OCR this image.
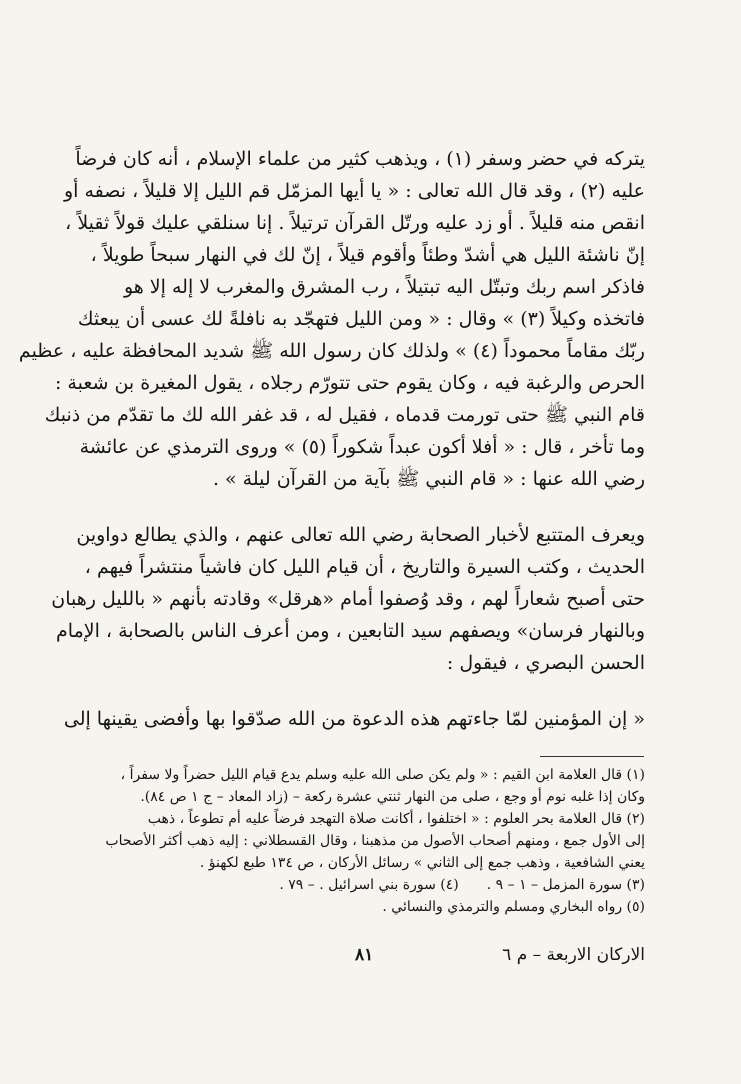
يتركه في حضر وسفر (١) ، ويذهب كثير من علماء الإسلام ، أنه كان فرضاً
عليه (٢) ، وقد قال الله تعالى : « يا أيها المزمّل قم الليل إلا قليلاً ، نصفه أو
انقص منه قليلاً . أو زد عليه ورتّل القرآن ترتيلاً . إنا سنلقي عليك قولاً ثقيلاً ،
إنّ ناشئة الليل هي أشدّ وطئاً وأقوم قيلاً ، إنّ لك في النهار سبحاً طويلاً ،
فاذكر اسم ربك وتبتّل اليه تبتيلاً ، رب المشرق والمغرب لا إله إلا هو
فاتخذه وكيلاً (٣) » وقال : « ومن الليل فتهجّد به نافلةً لك عسى أن يبعثك
ربّك مقاماً محموداً (٤) » ولذلك كان رسول الله ﷺ شديد المحافظة عليه ، عظيم
الحرص والرغبة فيه ، وكان يقوم حتى تتورّم رجلاه ، يقول المغيرة بن شعبة :
قام النبي ﷺ حتى تورمت قدماه ، فقيل له ، قد غفر الله لك ما تقدّم من ذنبك
وما تأخر ، قال : « أفلا أكون عبداً شكوراً (٥) » وروى الترمذي عن عائشة
رضي الله عنها : « قام النبي ﷺ بآية من القرآن ليلة » .

ويعرف المتتبع لأخبار الصحابة رضي الله تعالى عنهم ، والذي يطالع دواوين
الحديث ، وكتب السيرة والتاريخ ، أن قيام الليل كان فاشياً منتشراً فيهم ،
حتى أصبح شعاراً لهم ، وقد وُصفوا أمام «هرقل» وقادته بأنهم « بالليل رهبان
وبالنهار فرسان» ويصفهم سيد التابعين ، ومن أعرف الناس بالصحابة ، الإمام
الحسن البصري ، فيقول :

« إن المؤمنين لمّا جاءتهم هذه الدعوة من الله صدّقوا بها وأفضى يقينها إلى

(١) قال العلامة ابن القيم : « ولم يكن صلى الله عليه وسلم يدع قيام الليل حضراً ولا سفراً ،

وكان إذا غلبه نوم أو وجع ، صلى من النهار ثنتي عشرة ركعة – (زاد المعاد – ج ١ ص ٨٤).

(٢) قال العلامة بحر العلوم : « اختلفوا ، أكانت صلاة التهجد فرضاً عليه أم تطوعاً ، ذهب

إلى الأول جمع ، ومنهم أصحاب الأصول من مذهبنا ، وقال القسطلاني : إليه ذهب أكثر الأصحاب

يعني الشافعية ، وذهب جمع إلى الثاني » رسائل الأركان ، ص ١٣٤ طبع لكهنؤ .

(٣) سورة المزمل – ١ – ٩ .
(٤) سورة بني اسرائيل . – ٧٩ .

(٥) رواه البخاري ومسلم والترمذي والنسائي .

الاركان الاربعة – م ٦
٨١
